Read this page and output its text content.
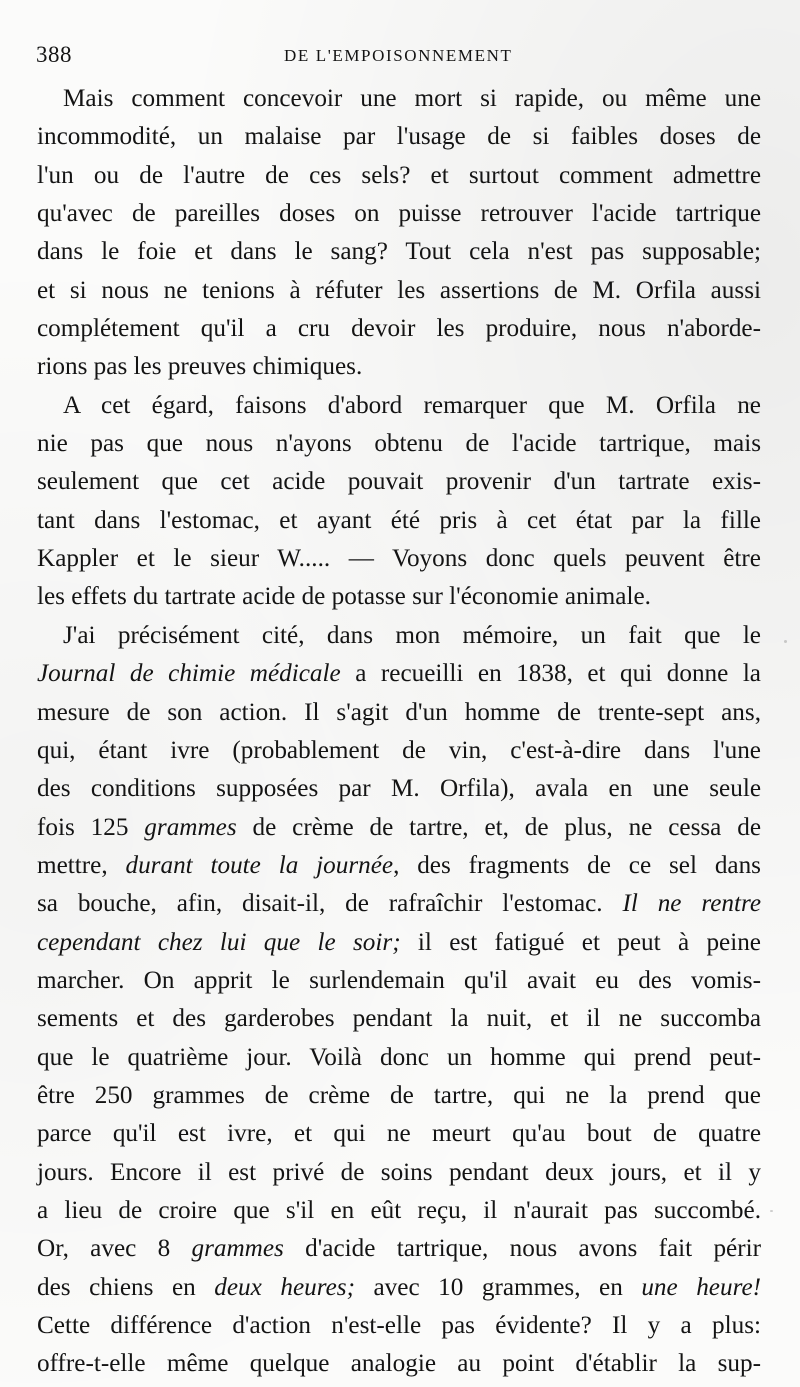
388	DE L'EMPOISONNEMENT
Mais comment concevoir une mort si rapide, ou même une
incommodité, un malaise par l'usage de si faibles doses de
l'un ou de l'autre de ces sels? et surtout comment admettre
qu'avec de pareilles doses on puisse retrouver l'acide tartrique
dans le foie et dans le sang? Tout cela n'est pas supposable;
et si nous ne tenions à réfuter les assertions de M. Orfila aussi
complétement qu'il a cru devoir les produire, nous n'aborde-
rions pas les preuves chimiques.
A cet égard, faisons d'abord remarquer que M. Orfila ne
nie pas que nous n'ayons obtenu de l'acide tartrique, mais
seulement que cet acide pouvait provenir d'un tartrate exis-
tant dans l'estomac, et ayant été pris à cet état par la fille
Kappler et le sieur W..... — Voyons donc quels peuvent être
les effets du tartrate acide de potasse sur l'économie animale.
J'ai précisément cité, dans mon mémoire, un fait que le
Journal de chimie médicale a recueilli en 1838, et qui donne la
mesure de son action. Il s'agit d'un homme de trente-sept ans,
qui, étant ivre (probablement de vin, c'est-à-dire dans l'une
des conditions supposées par M. Orfila), avala en une seule
fois 125 grammes de crème de tartre, et, de plus, ne cessa de
mettre, durant toute la journée, des fragments de ce sel dans
sa bouche, afin, disait-il, de rafraîchir l'estomac. Il ne rentre
cependant chez lui que le soir; il est fatigué et peut à peine
marcher. On apprit le surlendemain qu'il avait eu des vomis-
sements et des garderobes pendant la nuit, et il ne succomba
que le quatrième jour. Voilà donc un homme qui prend peut-
être 250 grammes de crème de tartre, qui ne la prend que
parce qu'il est ivre, et qui ne meurt qu'au bout de quatre
jours. Encore il est privé de soins pendant deux jours, et il y
a lieu de croire que s'il en eût reçu, il n'aurait pas succombé.
Or, avec 8 grammes d'acide tartrique, nous avons fait périr
des chiens en deux heures; avec 10 grammes, en une heure!
Cette différence d'action n'est-elle pas évidente? Il y a plus:
offre-t-elle même quelque analogie au point d'établir la sup-
